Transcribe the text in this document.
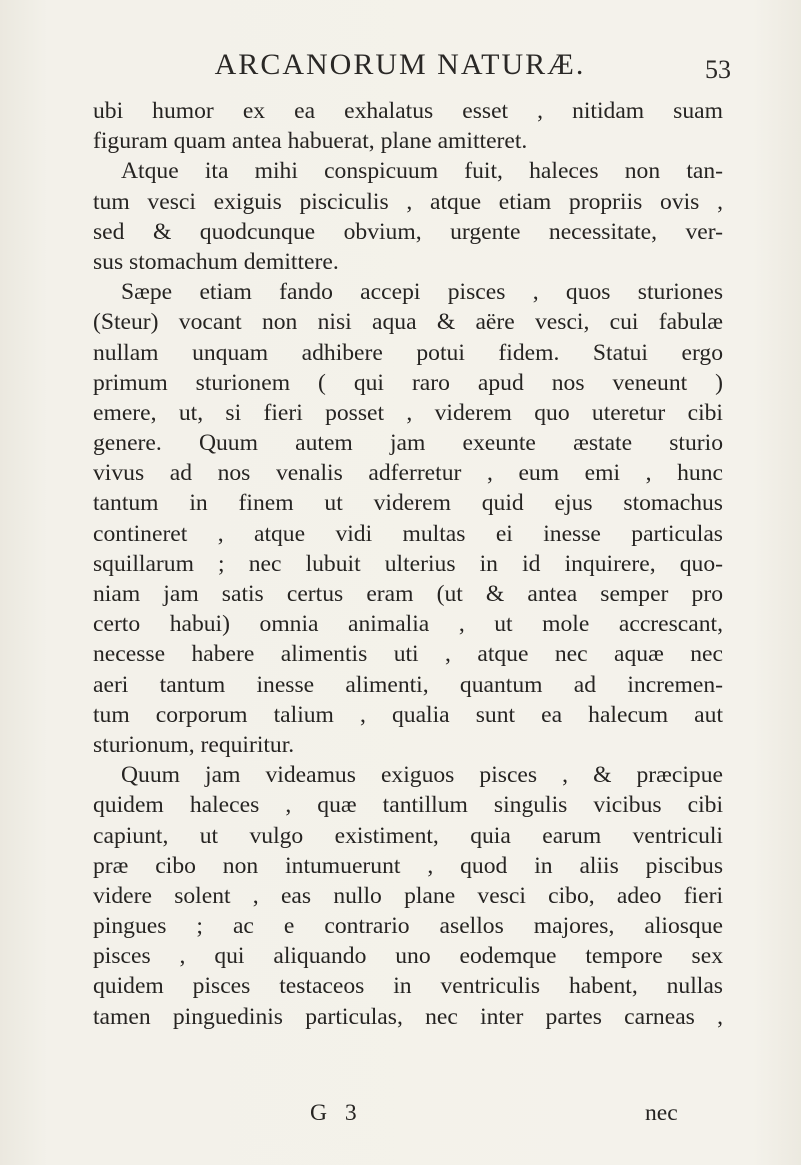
ARCANORUM NATURÆ.	53
ubi humor ex ea exhalatus esset , nitidam suam
figuram quam antea habuerat, plane amitteret.
Atque ita mihi conspicuum fuit, haleces non tan-
tum vesci exiguis pisciculis , atque etiam propriis ovis ,
sed & quodcunque obvium, urgente necessitate, ver-
sus stomachum demittere.
Sæpe etiam fando accepi pisces , quos sturiones
(Steur) vocant non nisi aqua & aëre vesci, cui fabulæ
nullam unquam adhibere potui fidem. Statui ergo
primum sturionem ( qui raro apud nos veneunt )
emere, ut, si fieri posset , viderem quo uteretur cibi
genere. Quum autem jam exeunte æstate sturio
vivus ad nos venalis adferretur , eum emi , hunc
tantum in finem ut viderem quid ejus stomachus
contineret , atque vidi multas ei inesse particulas
squillarum ; nec lubuit ulterius in id inquirere, quo-
niam jam satis certus eram (ut & antea semper pro
certo habui) omnia animalia , ut mole accrescant,
necesse habere alimentis uti , atque nec aquæ nec
aeri tantum inesse alimenti, quantum ad incremen-
tum corporum talium , qualia sunt ea halecum aut
sturionum, requiritur.
Quum jam videamus exiguos pisces , & præcipue
quidem haleces , quæ tantillum singulis vicibus cibi
capiunt, ut vulgo existiment, quia earum ventriculi
præ cibo non intumuerunt , quod in aliis piscibus
videre solent , eas nullo plane vesci cibo, adeo fieri
pingues ; ac e contrario asellos majores, aliosque
pisces , qui aliquando uno eodemque tempore sex
quidem pisces testaceos in ventriculis habent, nullas
tamen pinguedinis particulas, nec inter partes carneas ,
G 3	nec
